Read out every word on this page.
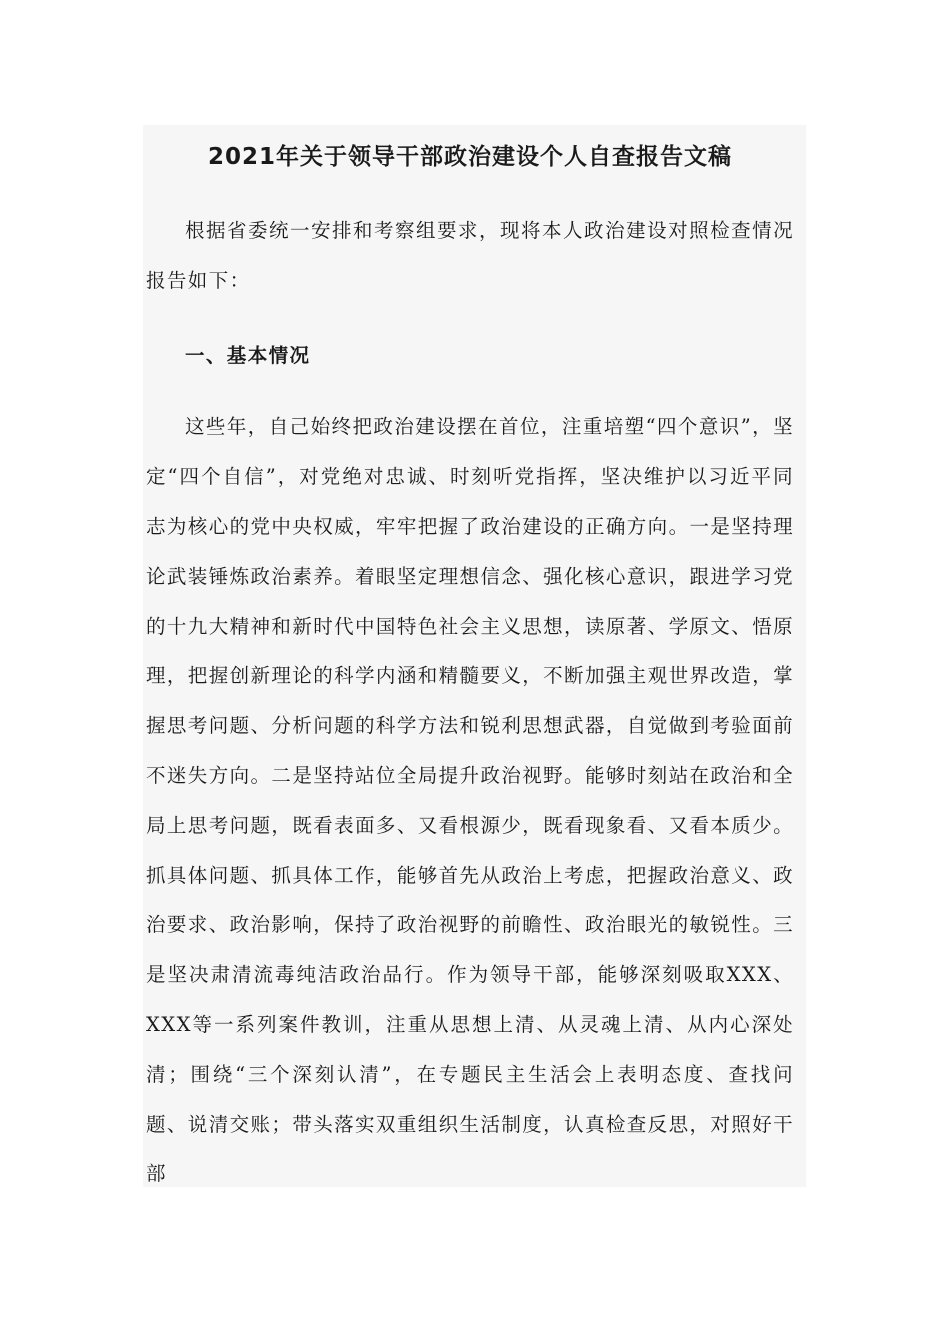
2021年关于领导干部政治建设个人自查报告文稿

根据省委统一安排和考察组要求，现将本人政治建设对照检查情况报告如下：

一、基本情况

这些年，自己始终把政治建设摆在首位，注重培塑“四个意识”，坚定“四个自信”，对党绝对忠诚、时刻听党指挥，坚决维护以习近平同志为核心的党中央权威，牢牢把握了政治建设的正确方向。一是坚持理论武装锤炼政治素养。着眼坚定理想信念、强化核心意识，跟进学习党的十九大精神和新时代中国特色社会主义思想，读原著、学原文、悟原理，把握创新理论的科学内涵和精髓要义，不断加强主观世界改造，掌握思考问题、分析问题的科学方法和锐利思想武器，自觉做到考验面前不迷失方向。二是坚持站位全局提升政治视野。能够时刻站在政治和全局上思考问题，既看表面多、又看根源少，既看现象看、又看本质少。抓具体问题、抓具体工作，能够首先从政治上考虑，把握政治意义、政治要求、政治影响，保持了政治视野的前瞻性、政治眼光的敏锐性。三是坚决肃清流毒纯洁政治品行。作为领导干部，能够深刻吸取XXX、XXX等一系列案件教训，注重从思想上清、从灵魂上清、从内心深处清；围绕“三个深刻认清”，在专题民主生活会上表明态度、查找问题、说清交账；带头落实双重组织生活制度，认真检查反思，对照好干部
